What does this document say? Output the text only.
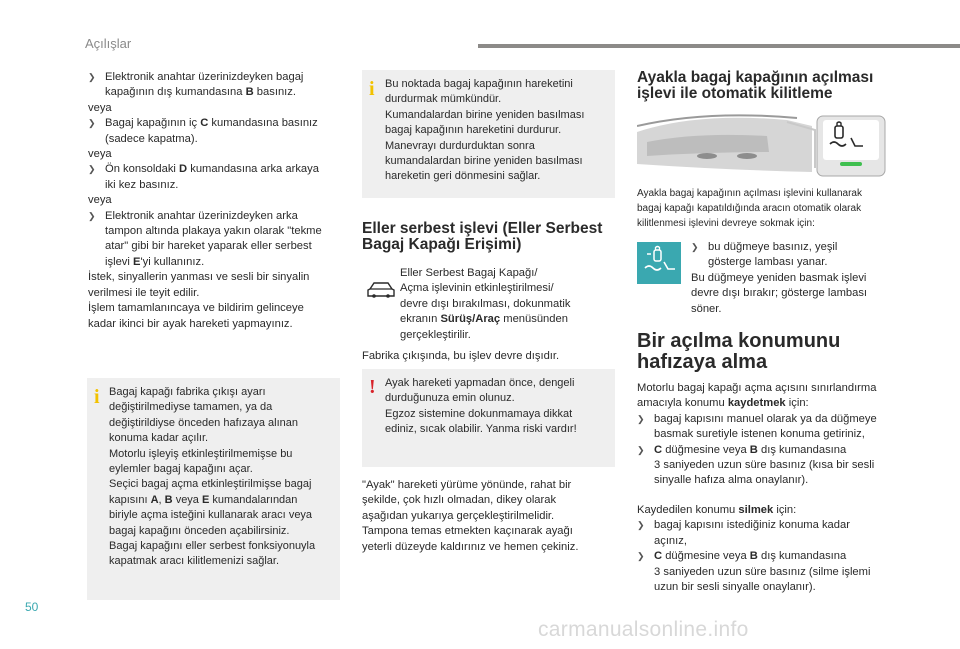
Açılışlar
❯ Elektronik anahtar üzerinizdeyken bagaj
kapağının dış kumandasına B basınız.
veya
❯ Bagaj kapağının iç C kumandasına basınız
(sadece kapatma).
veya
❯ Ön konsoldaki D kumandasına arka arkaya
iki kez basınız.
veya
❯ Elektronik anahtar üzerinizdeyken arka
tampon altında plakaya yakın olarak "tekme
atar" gibi bir hareket yaparak eller serbest
işlevi E'yi kullanınız.
İstek, sinyallerin yanması ve sesli bir sinyalin
verilmesi ile teyit edilir.
İşlem tamamlanıncaya ve bildirim gelinceye
kadar ikinci bir ayak hareketi yapmayınız.
i Bagaj kapağı fabrika çıkışı ayarı
değiştirilmediyse tamamen, ya da
değiştirildiyse önceden hafızaya alınan
konuma kadar açılır.
Motorlu işleyiş etkinleştirilmemişse bu
eylemler bagaj kapağını açar.
Seçici bagaj açma etkinleştirilmişse bagaj
kapısını A, B veya E kumandalarından
biriyle açma isteğini kullanarak aracı veya
bagaj kapağını önceden açabilirsiniz.
Bagaj kapağını eller serbest fonksiyonuyla
kapatmak aracı kilitlemenizi sağlar.
i Bu noktada bagaj kapağının hareketini
durdurmak mümkündür.
Kumandalardan birine yeniden basılması
bagaj kapağının hareketini durdurur.
Manevrayı durdurduktan sonra
kumandalardan birine yeniden basılması
hareketin geri dönmesini sağlar.
Eller serbest işlevi (Eller Serbest
Bagaj Kapağı Erişimi)
Eller Serbest Bagaj Kapağı/
Açma işlevinin etkinleştirilmesi/
devre dışı bırakılması, dokunmatik
ekranın Sürüş/Araç menüsünden
gerçekleştirilir.
Fabrika çıkışında, bu işlev devre dışıdır.
! Ayak hareketi yapmadan önce, dengeli
durduğunuza emin olunuz.
Egzoz sistemine dokunmamaya dikkat
ediniz, sıcak olabilir. Yanma riski vardır!
"Ayak" hareketi yürüme yönünde, rahat bir
şekilde, çok hızlı olmadan, dikey olarak
aşağıdan yukarıya gerçekleştirilmelidir.
Tampona temas etmekten kaçınarak ayağı
yeterli düzeyde kaldırınız ve hemen çekiniz.
Ayakla bagaj kapağının açılması
işlevi ile otomatik kilitleme
Ayakla bagaj kapağının açılması işlevini kullanarak
bagaj kapağı kapatıldığında aracın otomatik olarak
kilitlenmesi işlevini devreye sokmak için:
❯ bu düğmeye basınız, yeşil
gösterge lambası yanar.
Bu düğmeye yeniden basmak işlevi
devre dışı bırakır; gösterge lambası
söner.
Bir açılma konumunu
hafızaya alma
Motorlu bagaj kapağı açma açısını sınırlandırma
amacıyla konumu kaydetmek için:
❯ bagaj kapısını manuel olarak ya da düğmeye
basmak suretiyle istenen konuma getiriniz,
❯ C düğmesine veya B dış kumandasına
3 saniyeden uzun süre basınız (kısa bir sesli
sinyalle hafıza alma onaylanır).
Kaydedilen konumu silmek için:
❯ bagaj kapısını istediğiniz konuma kadar
açınız,
❯ C düğmesine veya B dış kumandasına
3 saniyeden uzun süre basınız (silme işlemi
uzun bir sesli sinyalle onaylanır).
50
carmanualsonline.info
